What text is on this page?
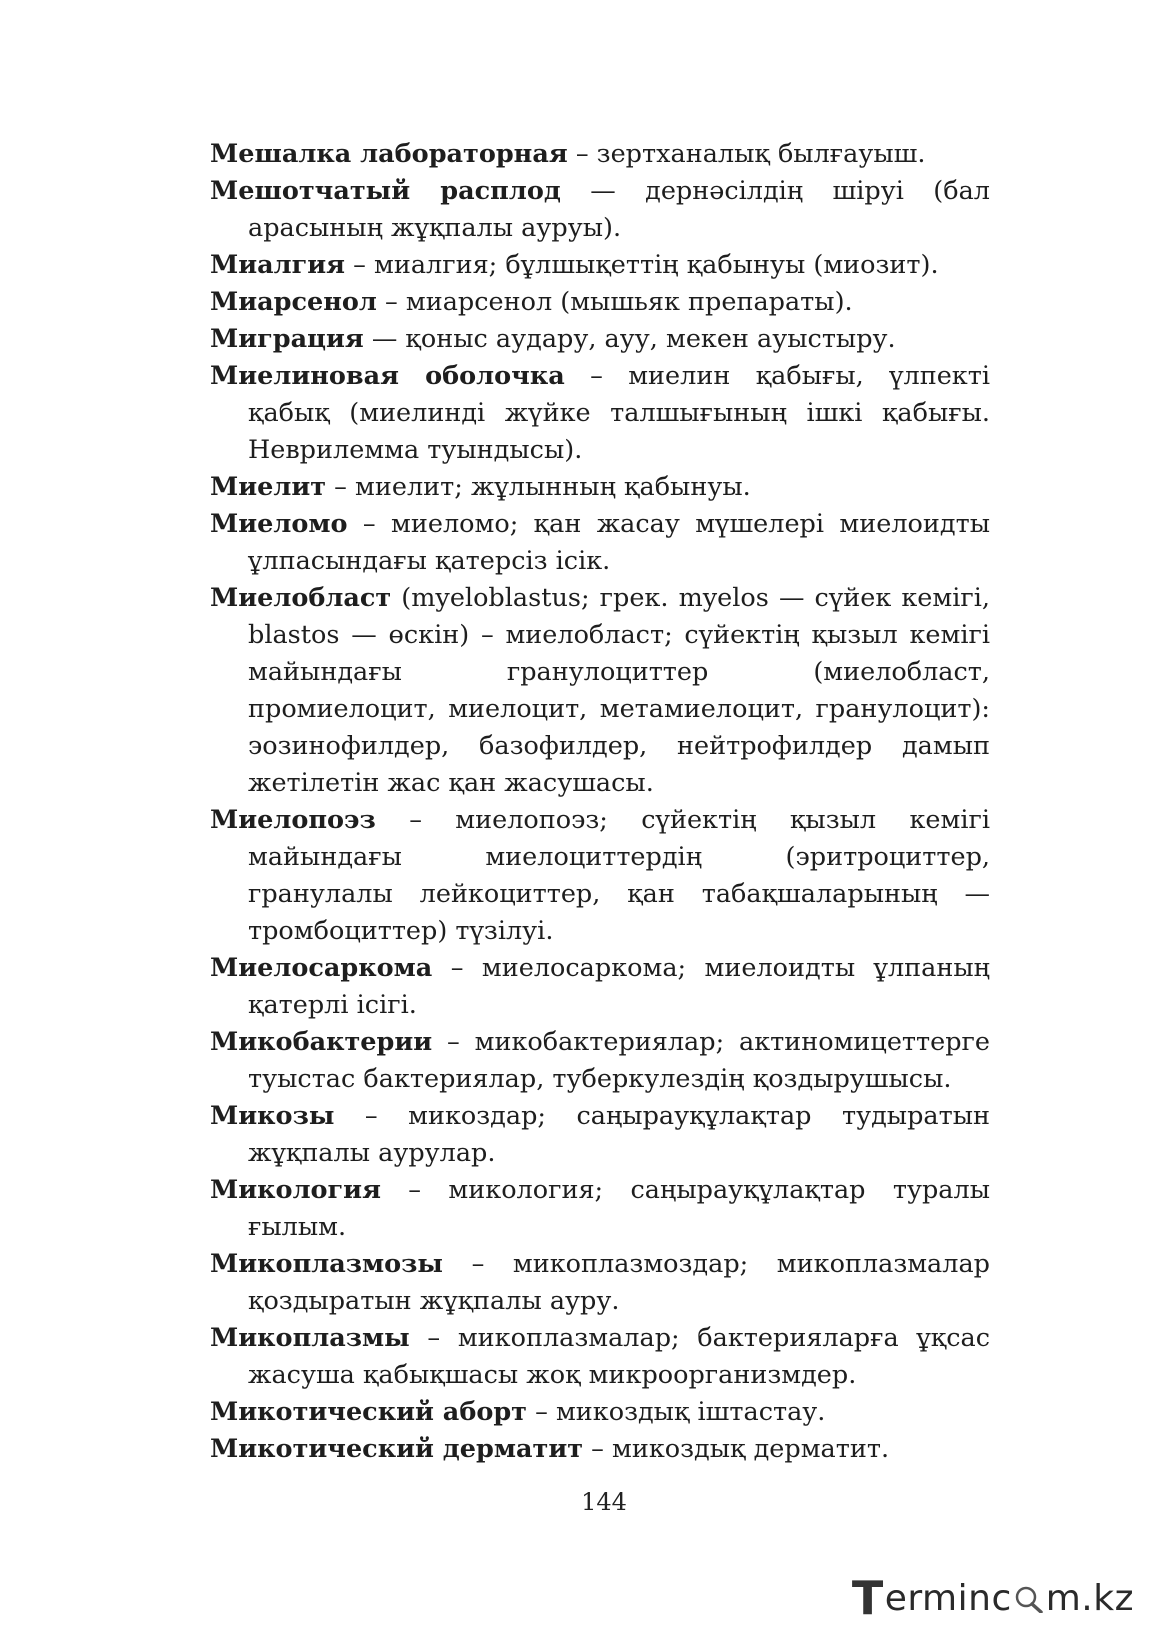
Мешалка лабораторная – зертханалық былғауыш.

Мешотчатый расплод — дернәсілдің шіруі (бал арасының жұқпалы ауруы).

Миалгия – миалгия; бұлшықеттің қабынуы (миозит).

Миарсенол – миарсенол (мышьяк препараты).

Миграция — қоныс аудару, ауу, мекен ауыстыру.

Миелиновая оболочка – миелин қабығы, үлпекті қабық (миелинді жүйке талшығының ішкі қабығы. Неврилемма туындысы).

Миелит – миелит; жұлынның қабынуы.

Миеломо – миеломо; қан жасау мүшелері миелоидты ұлпасындағы қатерсіз ісік.

Миелобласт (myeloblastus; грек. myelos — сүйек кемігі, blastos — өскін) – миелобласт; сүйектің қызыл кемігі майындағы гранулоциттер (миелобласт, промиелоцит, миелоцит, метамиелоцит, гранулоцит): эозинофилдер, базофилдер, нейтрофилдер дамып жетілетін жас қан жасушасы.

Миелопоэз – миелопоэз; сүйектің қызыл кемігі майындағы миелоциттердің (эритроциттер, гранулалы лейкоциттер, қан табақшаларының — тромбоциттер) түзілуі.

Миелосаркома – миелосаркома; миелоидты ұлпаның қатерлі ісігі.

Микобактерии – микобактериялар; актиномицеттерге туыстас бактериялар, туберкулездің қоздырушысы.

Микозы – микоздар; саңырауқұлақтар тудыратын жұқпалы аурулар.

Микология – микология; саңырауқұлақтар туралы ғылым.

Микоплазмозы – микоплазмоздар; микоплазмалар қоздыратын жұқпалы ауру.

Микоплазмы – микоплазмалар; бактерияларға ұқсас жасуша қабықшасы жоқ микроорганизмдер.

Микотический аборт – микоздық іштастау.

Микотический дерматит – микоздық дерматит.

144
T erminc m.kz
